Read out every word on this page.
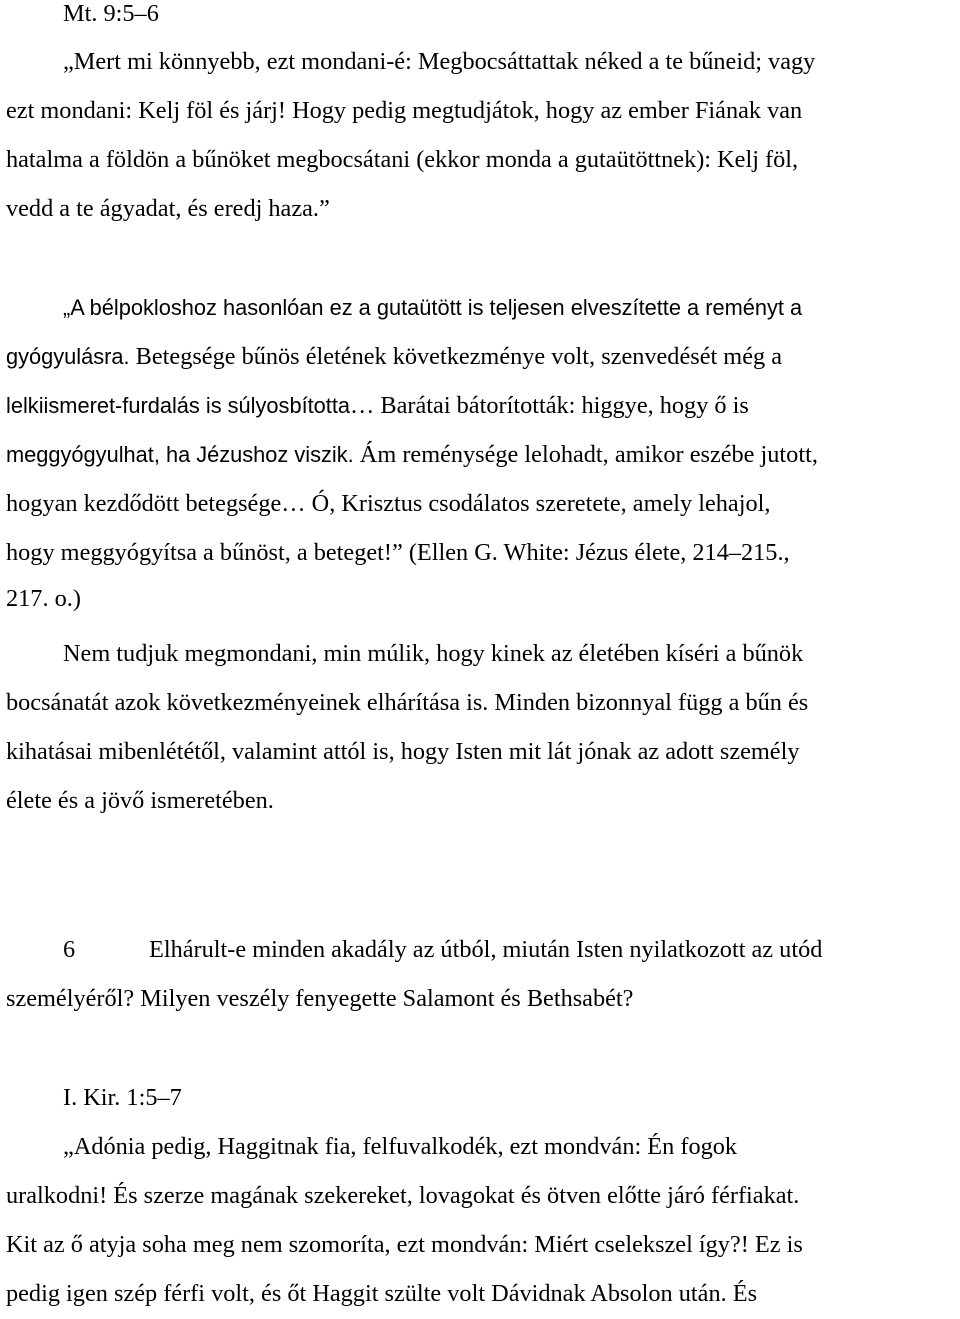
Mt. 9:5–6
„Mert mi könnyebb, ezt mondani-é: Megbocsáttattak néked a te bűneid; vagy
ezt mondani: Kelj föl és járj! Hogy pedig megtudjátok, hogy az ember Fiának van
hatalma a földön a bűnöket megbocsátani (ekkor monda a gutaütöttnek): Kelj föl,
vedd a te ágyadat, és eredj haza.”
„A bélpokloshoz hasonlóan ez a gutaütött is teljesen elveszítette a reményt a
gyógyulásra. Betegsége bűnös életének következménye volt, szenvedését még a
lelkiismeret-furdalás is súlyosbította… Barátai bátorították: higgye, hogy ő is
meggyógyulhat, ha Jézushoz viszik. Ám reménysége lelohadt, amikor eszébe jutott,
hogyan kezdődött betegsége… Ó, Krisztus csodálatos szeretete, amely lehajol,
hogy meggyógyítsa a bűnöst, a beteget!” (Ellen G. White: Jézus élete, 214–215.,
217. o.)
Nem tudjuk megmondani, min múlik, hogy kinek az életében kíséri a bűnök
bocsánatát azok következményeinek elhárítása is. Minden bizonnyal függ a bűn és
kihatásai mibenlététől, valamint attól is, hogy Isten mit lát jónak az adott személy
élete és a jövő ismeretében.
6	Elhárult-e minden akadály az útból, miután Isten nyilatkozott az utód
személyéről? Milyen veszély fenyegette Salamont és Bethsabét?
I. Kir. 1:5–7
„Adónia pedig, Haggitnak fia, felfuvalkodék, ezt mondván: Én fogok
uralkodni! És szerze magának szekereket, lovagokat és ötven előtte járó férfiakat.
Kit az ő atyja soha meg nem szomoríta, ezt mondván: Miért cselekszel így?! Ez is
pedig igen szép férfi volt, és őt Haggit szülte volt Dávidnak Absolon után. És
